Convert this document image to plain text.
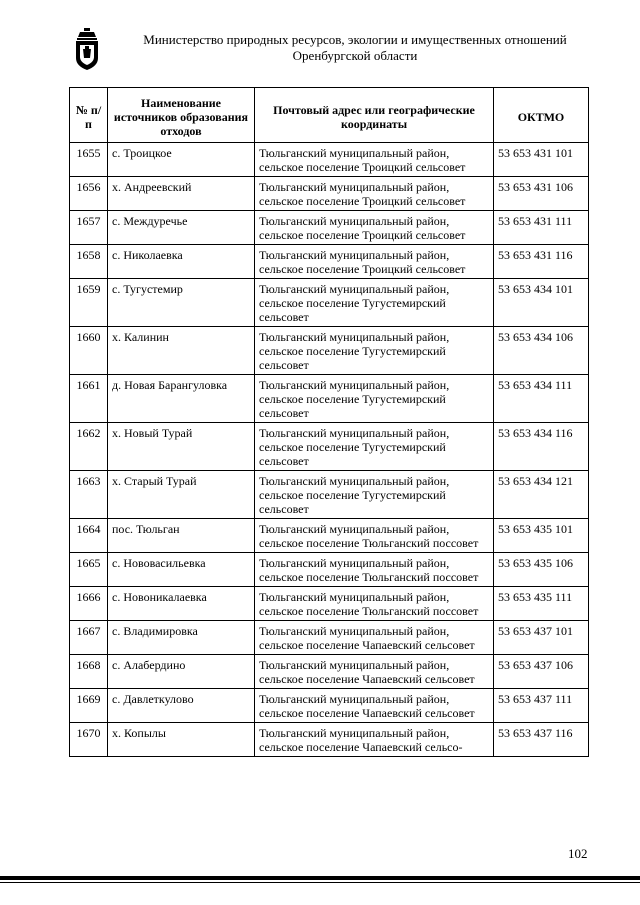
Министерство природных ресурсов, экологии и имущественных отношений
Оренбургской области
№ п/п	Наименование источников образования отходов	Почтовый адрес или географические координаты	ОКТМО
1655	с. Троицкое	Тюльганский муниципальный район, сельское поселение Троицкий сельсовет	53 653 431 101
1656	х. Андреевский	Тюльганский муниципальный район, сельское поселение Троицкий сельсовет	53 653 431 106
1657	с. Междуречье	Тюльганский муниципальный район, сельское поселение Троицкий сельсовет	53 653 431 111
1658	с. Николаевка	Тюльганский муниципальный район, сельское поселение Троицкий сельсовет	53 653 431 116
1659	с. Тугустемир	Тюльганский муниципальный район, сельское поселение Тугустемирский сельсовет	53 653 434 101
1660	х. Калинин	Тюльганский муниципальный район, сельское поселение Тугустемирский сельсовет	53 653 434 106
1661	д. Новая Барангуловка	Тюльганский муниципальный район, сельское поселение Тугустемирский сельсовет	53 653 434 111
1662	х. Новый Турай	Тюльганский муниципальный район, сельское поселение Тугустемирский сельсовет	53 653 434 116
1663	х. Старый Турай	Тюльганский муниципальный район, сельское поселение Тугустемирский сельсовет	53 653 434 121
1664	пос. Тюльган	Тюльганский муниципальный район, сельское поселение Тюльганский поссовет	53 653 435 101
1665	с. Нововасильевка	Тюльганский муниципальный район, сельское поселение Тюльганский поссовет	53 653 435 106
1666	с. Новоникалаевка	Тюльганский муниципальный район, сельское поселение Тюльганский поссовет	53 653 435 111
1667	с. Владимировка	Тюльганский муниципальный район, сельское поселение Чапаевский сельсовет	53 653 437 101
1668	с. Алабердино	Тюльганский муниципальный район, сельское поселение Чапаевский сельсовет	53 653 437 106
1669	с. Давлеткулово	Тюльганский муниципальный район, сельское поселение Чапаевский сельсовет	53 653 437 111
1670	х. Копылы	Тюльганский муниципальный район, сельское поселение Чапаевский сельсо-	53 653 437 116
102
